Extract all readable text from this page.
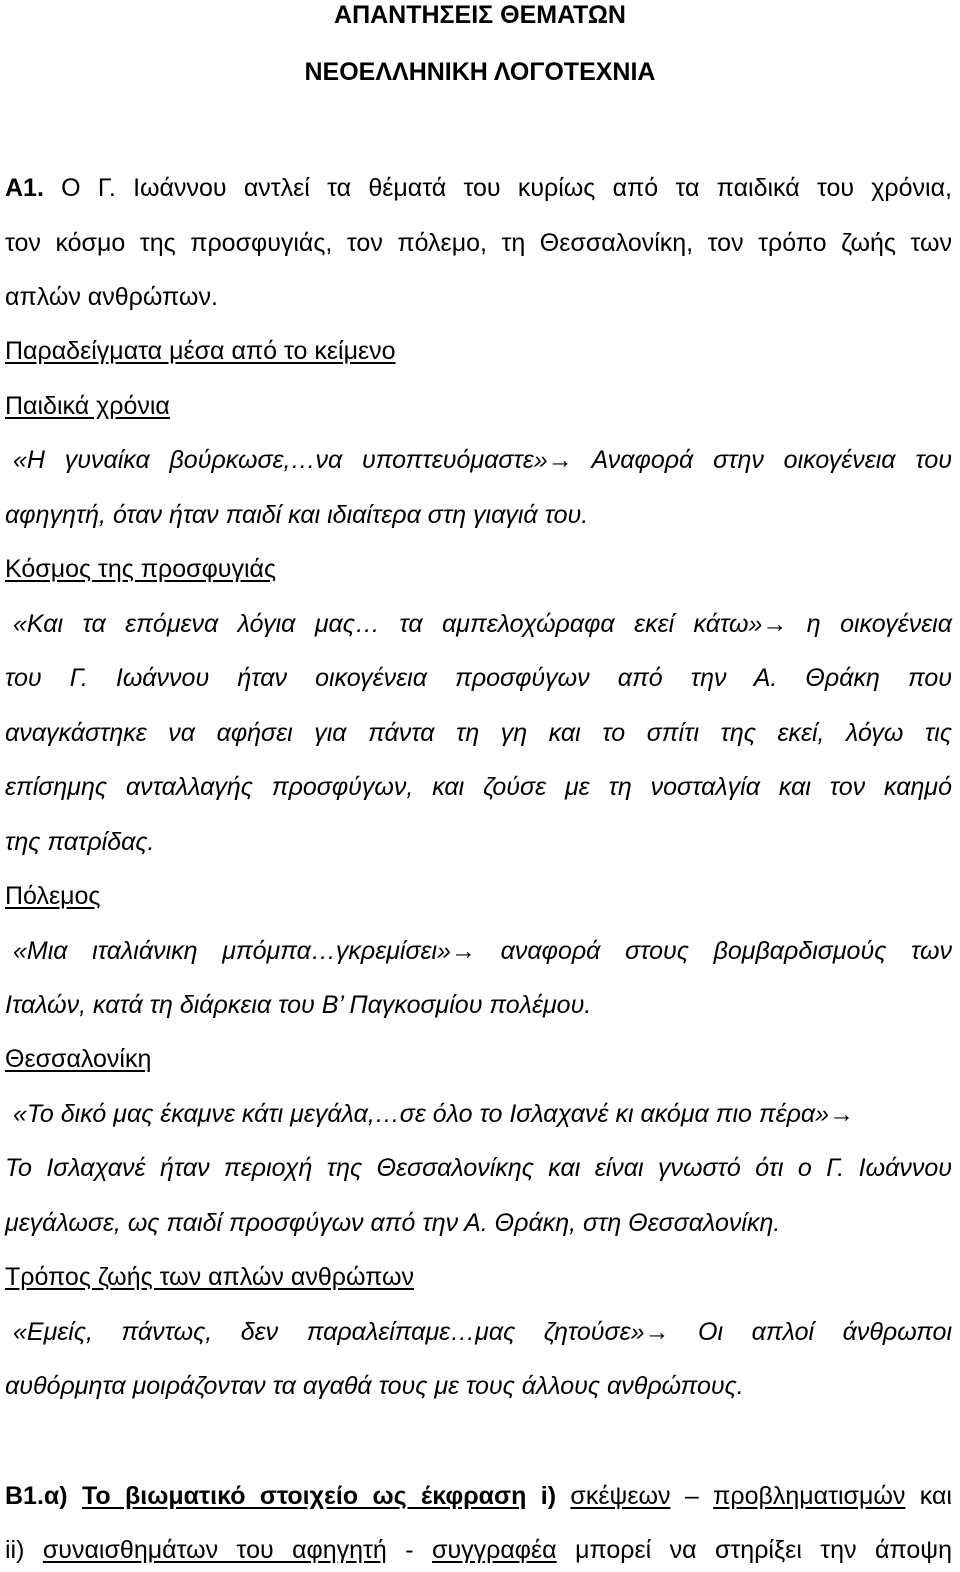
ΑΠΑΝΤΗΣΕΙΣ ΘΕΜΑΤΩΝ
ΝΕΟΕΛΛΗΝΙΚΗ ΛΟΓΟΤΕΧΝΙΑ
Α1. Ο Γ. Ιωάννου αντλεί τα θέματά του κυρίως από τα παιδικά του χρόνια,
τον κόσμο της προσφυγιάς, τον πόλεμο, τη Θεσσαλονίκη, τον τρόπο ζωής των
απλών ανθρώπων.
Παραδείγματα μέσα από το κείμενο
Παιδικά χρόνια
«Η γυναίκα βούρκωσε,…να υποπτευόμαστε»→ Αναφορά στην οικογένεια του
αφηγητή, όταν ήταν παιδί και ιδιαίτερα στη γιαγιά του.
Κόσμος της προσφυγιάς
«Και τα επόμενα λόγια μας… τα αμπελοχώραφα εκεί κάτω»→ η οικογένεια
του Γ. Ιωάννου ήταν οικογένεια προσφύγων από την Α. Θράκη που
αναγκάστηκε να αφήσει για πάντα τη γη και το σπίτι της εκεί, λόγω τις
επίσημης ανταλλαγής προσφύγων, και ζούσε με τη νοσταλγία και τον καημό
της πατρίδας.
Πόλεμος
«Μια ιταλιάνικη μπόμπα…γκρεμίσει»→ αναφορά στους βομβαρδισμούς των
Ιταλών, κατά τη διάρκεια του Β’ Παγκοσμίου πολέμου.
Θεσσαλονίκη
«Το δικό μας έκαμνε κάτι μεγάλα,…σε όλο το Ισλαχανέ κι ακόμα πιο πέρα»→
Το Ισλαχανέ ήταν περιοχή της Θεσσαλονίκης και είναι γνωστό ότι ο Γ. Ιωάννου
μεγάλωσε, ως παιδί προσφύγων από την Α. Θράκη, στη Θεσσαλονίκη.
Τρόπος ζωής των απλών ανθρώπων
«Εμείς, πάντως, δεν παραλείπαμε…μας ζητούσε»→ Οι απλοί άνθρωποι
αυθόρμητα μοιράζονταν τα αγαθά τους με τους άλλους ανθρώπους.
Β1.α) Το βιωματικό στοιχείο ως έκφραση i) σκέψεων – προβληματισμών και
ii) συναισθημάτων του αφηγητή - συγγραφέα μπορεί να στηρίξει την άποψη
